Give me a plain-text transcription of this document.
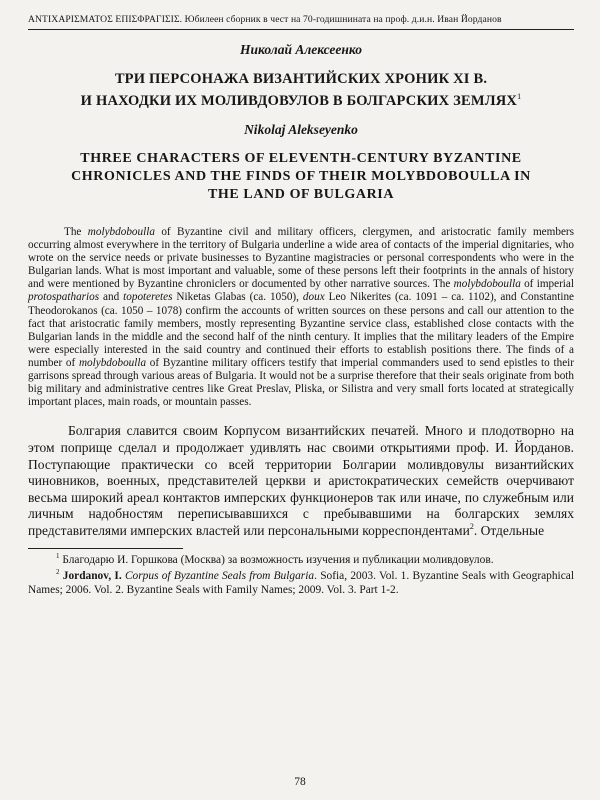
ΑΝΤΙΧΑΡΙΣΜΑΤΟΣ ΕΠΙΣΦΡΑΓΙΣΙΣ. Юбилеен сборник в чест на 70-годишнината на проф. д.и.н. Иван Йорданов
Николай Алексеенко
ТРИ ПЕРСОНАЖА ВИЗАНТИЙСКИХ ХРОНИК XI В.
И НАХОДКИ ИХ МОЛИВДОВУЛОВ В БОЛГАРСКИХ ЗЕМЛЯХ$^1$
Nikolaj Alekseyenko
THREE CHARACTERS OF ELEVENTH-CENTURY BYZANTINE
CHRONICLES AND THE FINDS OF THEIR MOLYBDOBOULLA IN
THE LAND OF BULGARIA

The molybdoboulla of Byzantine civil and military officers, clergymen, and aristocratic family members occurring almost everywhere in the territory of Bulgaria underline a wide area of contacts of the imperial dignitaries, who wrote on the service needs or private businesses to Byzantine magistracies or personal correspondents who were in the Bulgarian lands. What is most important and valuable, some of these persons left their footprints in the annals of history and were mentioned by Byzantine chroniclers or documented by other narrative sources. The molybdoboulla of imperial protospatharios and topoteretes Niketas Glabas (ca. 1050), doux Leo Nikerites (ca. 1091 – ca. 1102), and Constantine Theodorokanos (ca. 1050 – 1078) confirm the accounts of written sources on these persons and call our attention to the fact that aristocratic family members, mostly representing Byzantine service class, established close contacts with the Bulgarian lands in the middle and the second half of the ninth century. It implies that the military leaders of the Empire were especially interested in the said country and continued their efforts to establish positions there. The finds of a number of molybdoboulla of Byzantine military officers testify that imperial commanders used to send epistles to their garrisons spread through various areas of Bulgaria. It would not be a surprise therefore that their seals originate from both big military and administrative centres like Great Preslav, Pliska, or Silistra and very small forts located at strategically important places, main roads, or mountain passes.

Болгария славится своим Корпусом византийских печатей. Много и плодотворно на этом поприще сделал и продолжает удивлять нас своими открытиями проф. И. Йорданов. Поступающие практически со всей территории Болгарии моливдовулы византийских чиновников, военных, представителей церкви и аристократических семейств очерчивают весьма широкий ареал контактов имперских функционеров так или иначе, по служебным или личным надобностям переписывавшихся с пребывавшими на болгарских землях представителями имперских властей или персональными корреспондентами$^2$. Отдельные

$^1$ Благодарю И. Горшкова (Москва) за возможность изучения и публикации моливдовулов.

$^2$ Jordanov, I. Corpus of Byzantine Seals from Bulgaria. Sofia, 2003. Vol. 1. Byzantine Seals with Geographical Names; 2006. Vol. 2. Byzantine Seals with Family Names; 2009. Vol. 3. Part 1-2.

78
